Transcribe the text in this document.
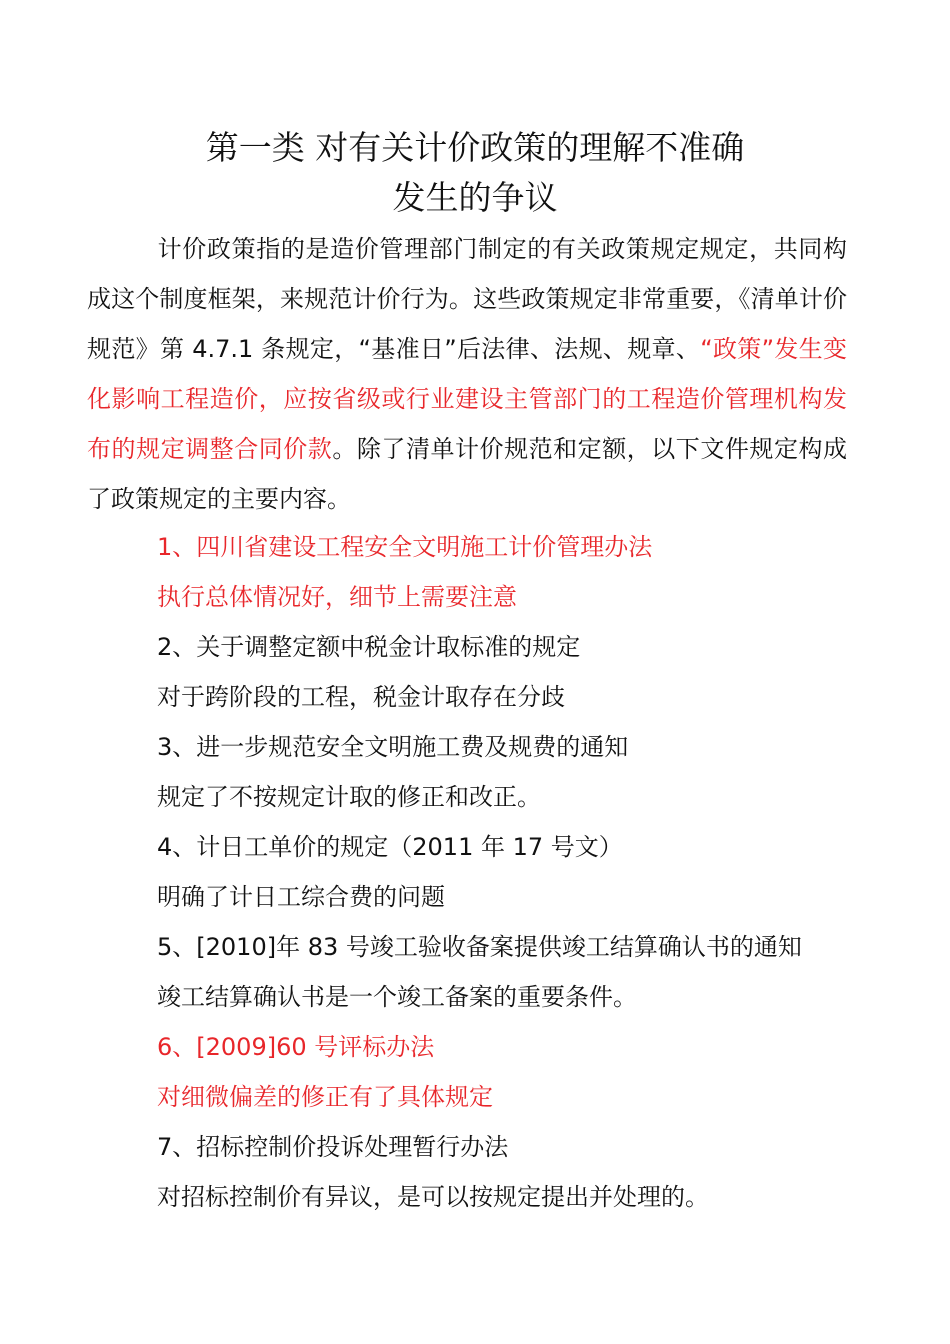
第一类 对有关计价政策的理解不准确
发生的争议
计价政策指的是造价管理部门制定的有关政策规定规定，共同构成这个制度框架，来规范计价行为。这些政策规定非常重要，《清单计价规范》第 4.7.1 条规定，“基准日”后法律、法规、规章、“政策”发生变化影响工程造价，应按省级或行业建设主管部门的工程造价管理机构发布的规定调整合同价款。除了清单计价规范和定额，以下文件规定构成了政策规定的主要内容。
1、四川省建设工程安全文明施工计价管理办法
执行总体情况好，细节上需要注意
2、关于调整定额中税金计取标准的规定
对于跨阶段的工程，税金计取存在分歧
3、进一步规范安全文明施工费及规费的通知
规定了不按规定计取的修正和改正。
4、计日工单价的规定（2011 年 17 号文）
明确了计日工综合费的问题
5、[2010]年 83 号竣工验收备案提供竣工结算确认书的通知
竣工结算确认书是一个竣工备案的重要条件。
6、[2009]60 号评标办法
对细微偏差的修正有了具体规定
7、招标控制价投诉处理暂行办法
对招标控制价有异议，是可以按规定提出并处理的。
